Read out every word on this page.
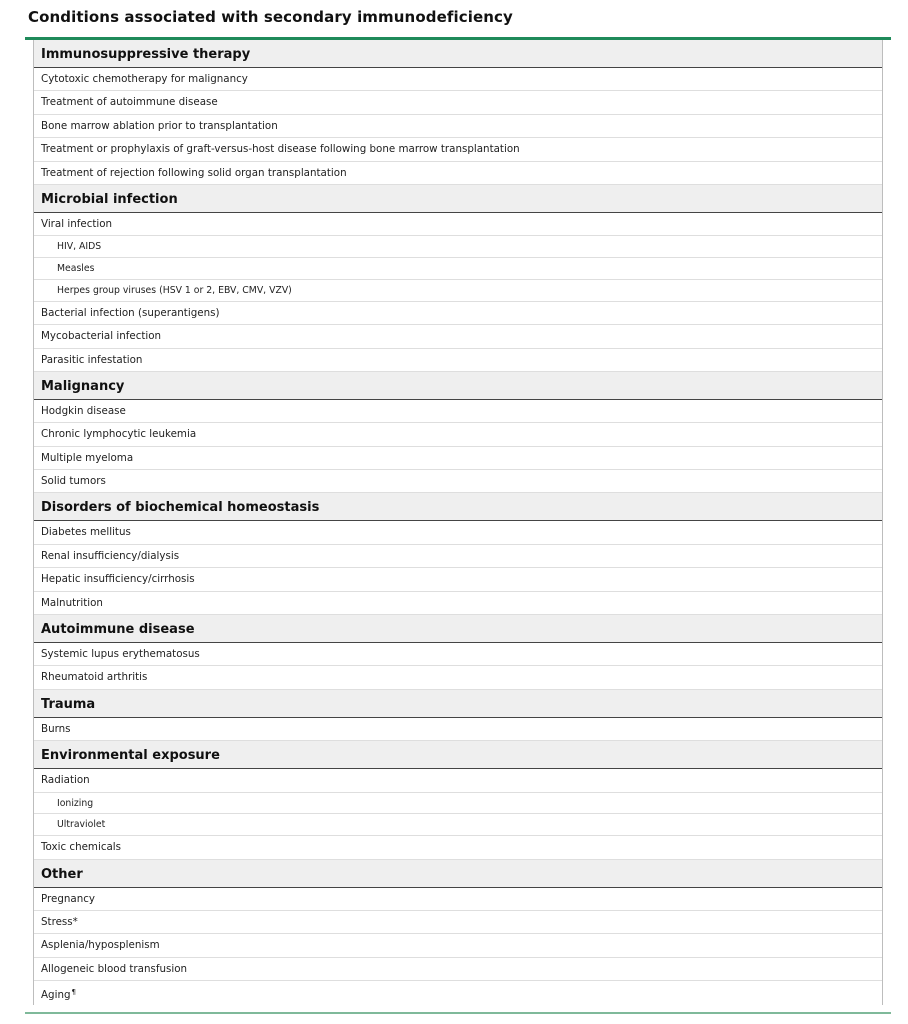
Conditions associated with secondary immunodeficiency
Immunosuppressive therapy
Cytotoxic chemotherapy for malignancy
Treatment of autoimmune disease
Bone marrow ablation prior to transplantation
Treatment or prophylaxis of graft-versus-host disease following bone marrow transplantation
Treatment of rejection following solid organ transplantation
Microbial infection
Viral infection
HIV, AIDS
Measles
Herpes group viruses (HSV 1 or 2, EBV, CMV, VZV)
Bacterial infection (superantigens)
Mycobacterial infection
Parasitic infestation
Malignancy
Hodgkin disease
Chronic lymphocytic leukemia
Multiple myeloma
Solid tumors
Disorders of biochemical homeostasis
Diabetes mellitus
Renal insufficiency/dialysis
Hepatic insufficiency/cirrhosis
Malnutrition
Autoimmune disease
Systemic lupus erythematosus
Rheumatoid arthritis
Trauma
Burns
Environmental exposure
Radiation
Ionizing
Ultraviolet
Toxic chemicals
Other
Pregnancy
Stress*
Asplenia/hyposplenism
Allogeneic blood transfusion
Aging¶
